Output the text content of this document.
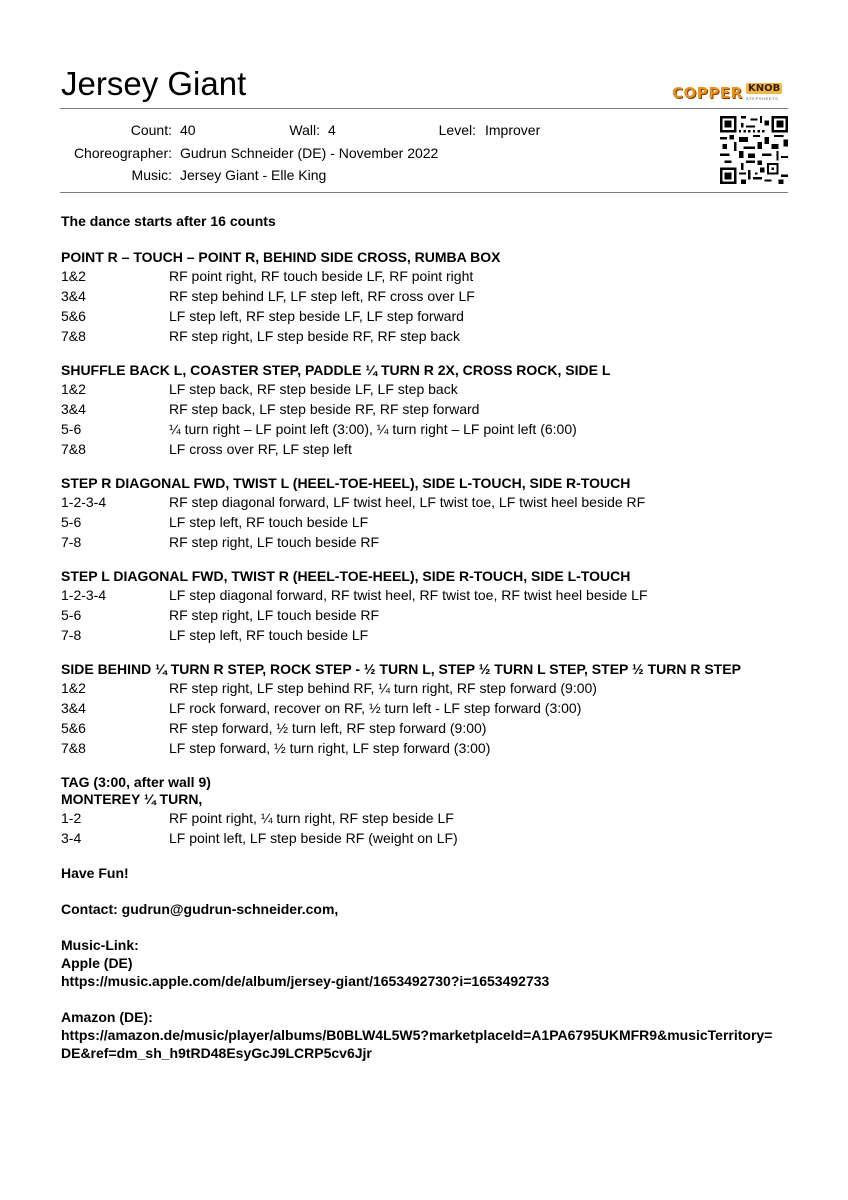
Jersey Giant	COPPER KNOB
STEPSHEETS
Count: 40	Wall: 4	Level: Improver
Choreographer: Gudrun Schneider (DE) - November 2022
Music: Jersey Giant - Elle King
The dance starts after 16 counts
POINT R – TOUCH – POINT R, BEHIND SIDE CROSS, RUMBA BOX
1&2	RF point right, RF touch beside LF, RF point right
3&4	RF step behind LF, LF step left, RF cross over LF
5&6	LF step left, RF step beside LF, LF step forward
7&8	RF step right, LF step beside RF, RF step back
SHUFFLE BACK L, COASTER STEP, PADDLE ¼ TURN R 2X, CROSS ROCK, SIDE L
1&2	LF step back, RF step beside LF, LF step back
3&4	RF step back, LF step beside RF, RF step forward
5-6	¼ turn right – LF point left (3:00), ¼ turn right – LF point left (6:00)
7&8	LF cross over RF, LF step left
STEP R DIAGONAL FWD, TWIST L (HEEL-TOE-HEEL), SIDE L-TOUCH, SIDE R-TOUCH
1-2-3-4	RF step diagonal forward, LF twist heel, LF twist toe, LF twist heel beside RF
5-6	LF step left, RF touch beside LF
7-8	RF step right, LF touch beside RF
STEP L DIAGONAL FWD, TWIST R (HEEL-TOE-HEEL), SIDE R-TOUCH, SIDE L-TOUCH
1-2-3-4	LF step diagonal forward, RF twist heel, RF twist toe, RF twist heel beside LF
5-6	RF step right, LF touch beside RF
7-8	LF step left, RF touch beside LF
SIDE BEHIND ¼ TURN R STEP, ROCK STEP - ½ TURN L, STEP ½ TURN L STEP, STEP ½ TURN R STEP
1&2	RF step right, LF step behind RF, ¼ turn right, RF step forward (9:00)
3&4	LF rock forward, recover on RF, ½ turn left - LF step forward (3:00)
5&6	RF step forward, ½ turn left, RF step forward (9:00)
7&8	LF step forward, ½ turn right, LF step forward (3:00)
TAG (3:00, after wall 9)
MONTEREY ¼ TURN,
1-2	RF point right, ¼ turn right, RF step beside LF
3-4	LF point left, LF step beside RF (weight on LF)
Have Fun!
Contact: gudrun@gudrun-schneider.com,
Music-Link:
Apple (DE)
https://music.apple.com/de/album/jersey-giant/1653492730?i=1653492733
Amazon (DE):
https://amazon.de/music/player/albums/B0BLW4L5W5?marketplaceId=A1PA6795UKMFR9&musicTerritory=
DE&ref=dm_sh_h9tRD48EsyGcJ9LCRP5cv6Jjr
